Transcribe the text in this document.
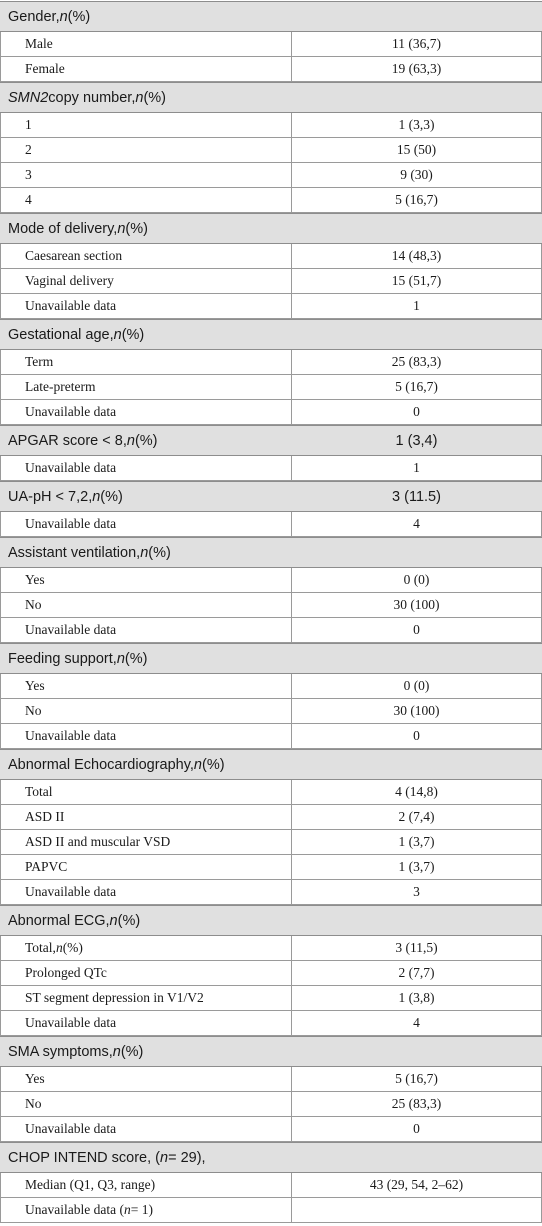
Gender, n (%)
Male	11 (36,7)
Female	19 (63,3)
SMN2 copy number, n (%)
1	1 (3,3)
2	15 (50)
3	9 (30)
4	5 (16,7)
Mode of delivery, n (%)
Caesarean section	14 (48,3)
Vaginal delivery	15 (51,7)
Unavailable data	1
Gestational age, n (%)
Term	25 (83,3)
Late-preterm	5 (16,7)
Unavailable data	0
APGAR score < 8, n (%)	1 (3,4)
Unavailable data	1
UA-pH < 7,2, n (%)	3 (11.5)
Unavailable data	4
Assistant ventilation, n (%)
Yes	0 (0)
No	30 (100)
Unavailable data	0
Feeding support, n (%)
Yes	0 (0)
No	30 (100)
Unavailable data	0
Abnormal Echocardiography, n (%)
Total	4 (14,8)
ASD II	2 (7,4)
ASD II and muscular VSD	1 (3,7)
PAPVC	1 (3,7)
Unavailable data	3
Abnormal ECG, n (%)
Total, n (%)	3 (11,5)
Prolonged QTc	2 (7,7)
ST segment depression in V1/V2	1 (3,8)
Unavailable data	4
SMA symptoms, n (%)
Yes	5 (16,7)
No	25 (83,3)
Unavailable data	0
CHOP INTEND score, ( n = 29),
Median (Q1, Q3, range)	43 (29, 54, 2–62)
Unavailable data ( n = 1)
